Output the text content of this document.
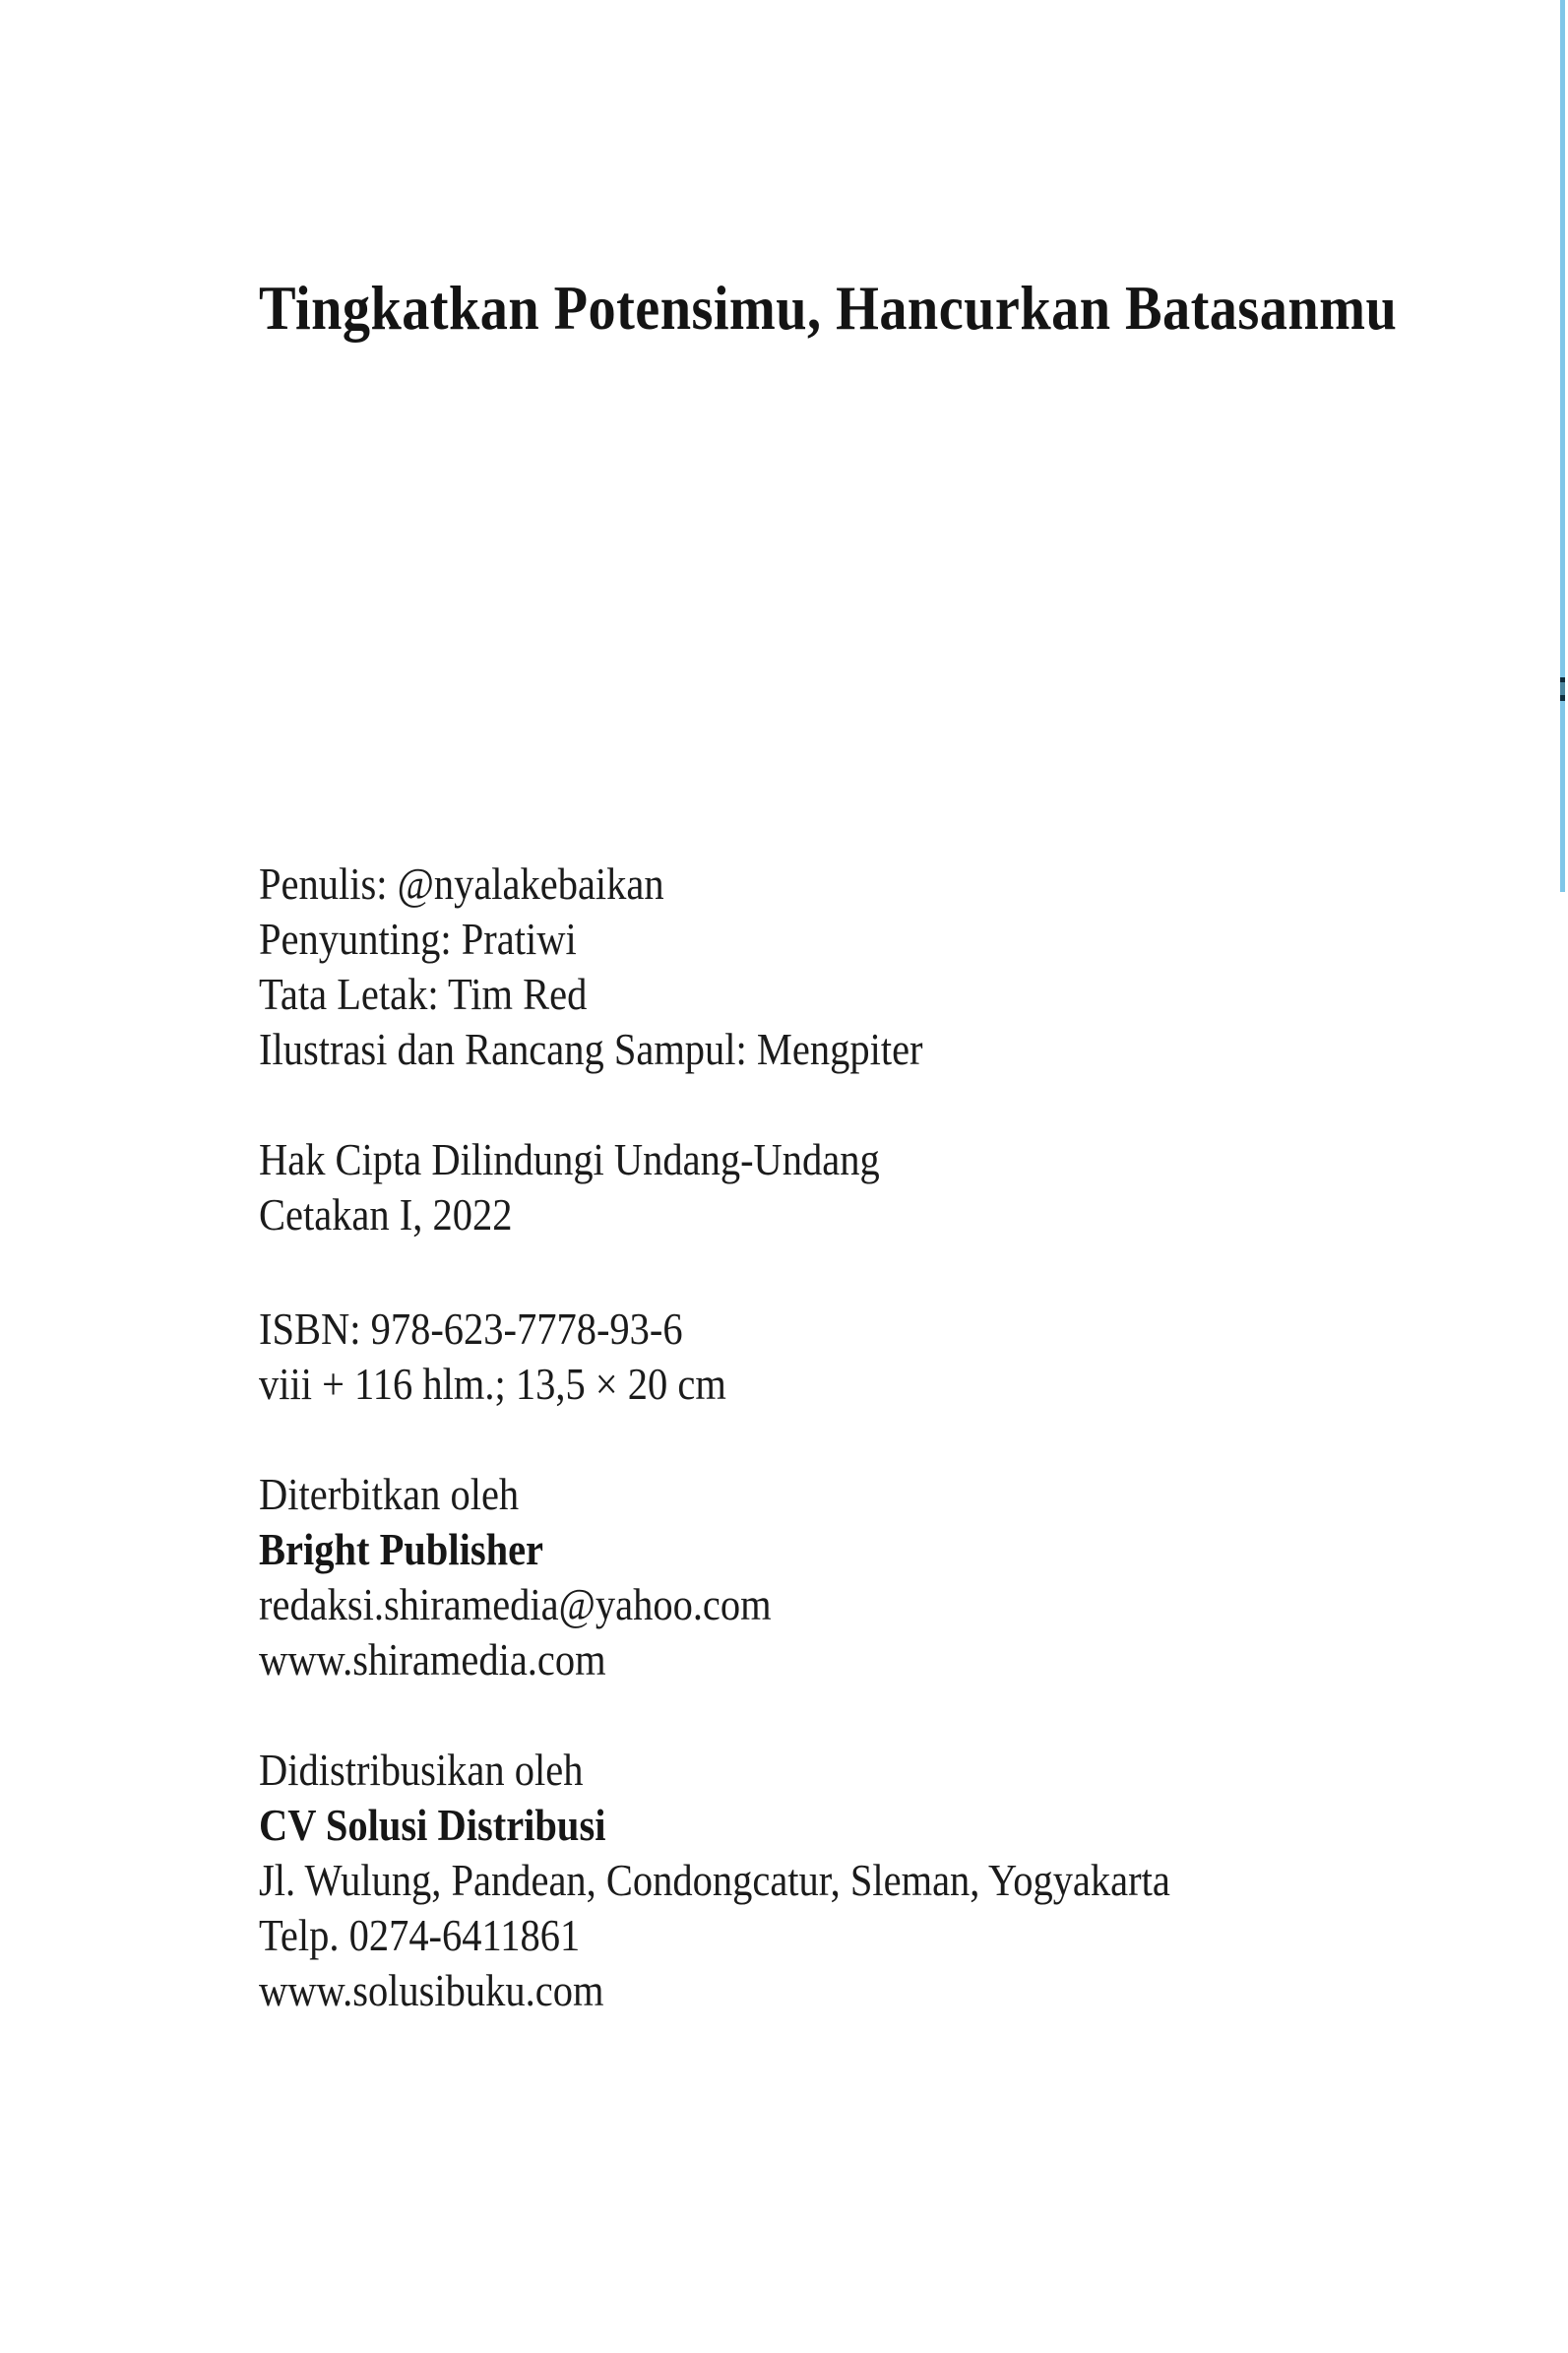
Tingkatkan Potensimu, Hancurkan Batasanmu

Penulis: @nyalakebaikan

Penyunting: Pratiwi

Tata Letak: Tim Red

Ilustrasi dan Rancang Sampul: Mengpiter

Hak Cipta Dilindungi Undang-Undang

Cetakan I, 2022

ISBN: 978-623-7778-93-6

viii + 116 hlm.; 13,5 × 20 cm

Diterbitkan oleh

Bright Publisher

redaksi.shiramedia@yahoo.com

www.shiramedia.com

Didistribusikan oleh

CV Solusi Distribusi

Jl. Wulung, Pandean, Condongcatur, Sleman, Yogyakarta

Telp. 0274-6411861

www.solusibuku.com
